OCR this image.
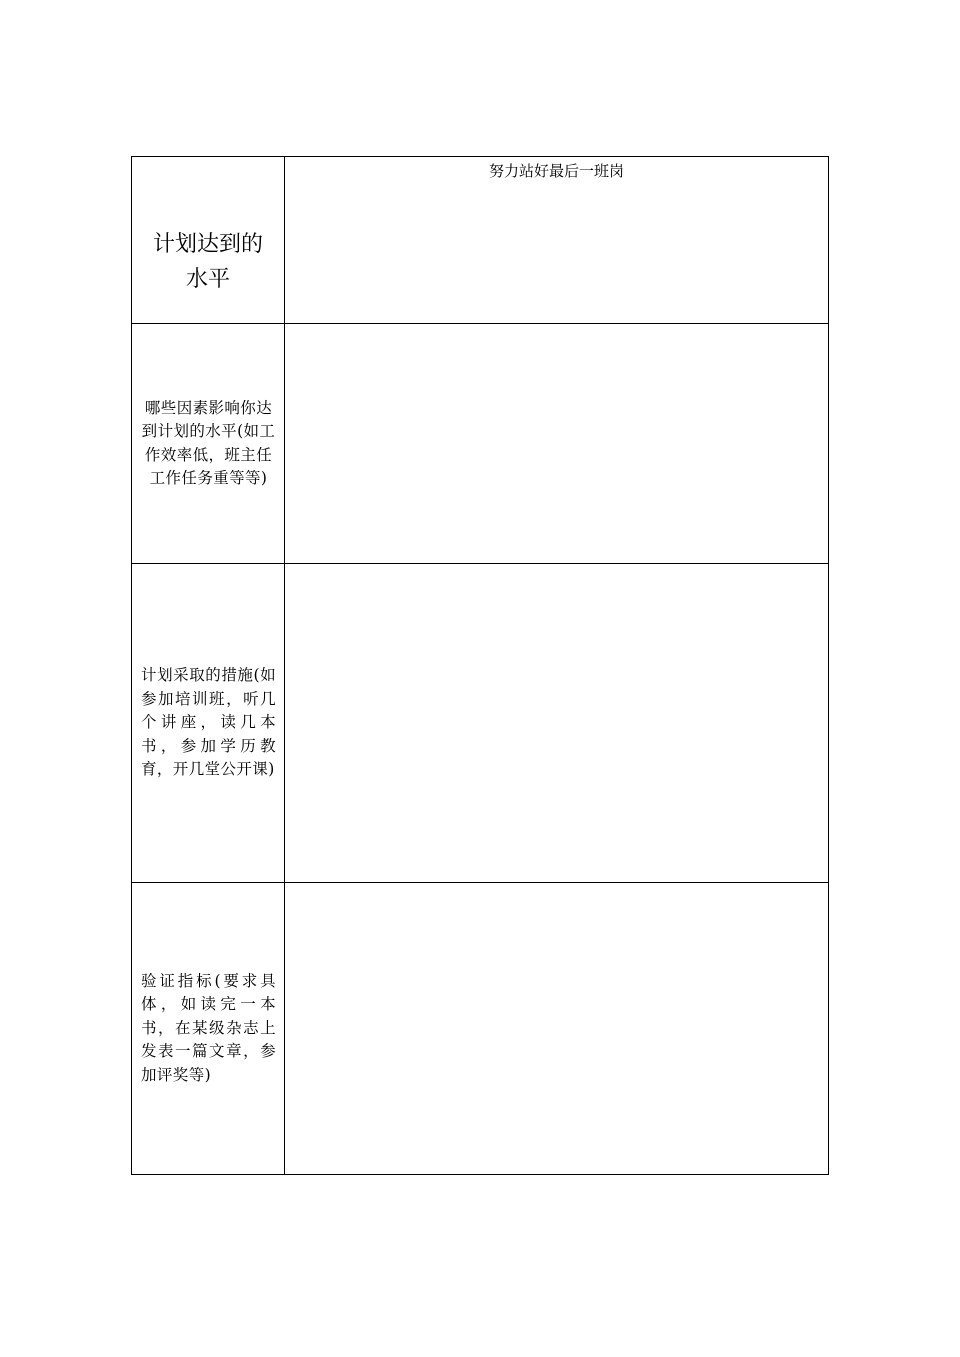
计划达到的水平	努力站好最后一班岗

哪些因素影响你达到计划的水平(如工作效率低，班主任工作任务重等等)	

计划采取的措施(如参加培训班，听几个讲座，读几本书，参加学历教育，开几堂公开课)	

验证指标(要求具体，如读完一本书，在某级杂志上发表一篇文章，参加评奖等)	
